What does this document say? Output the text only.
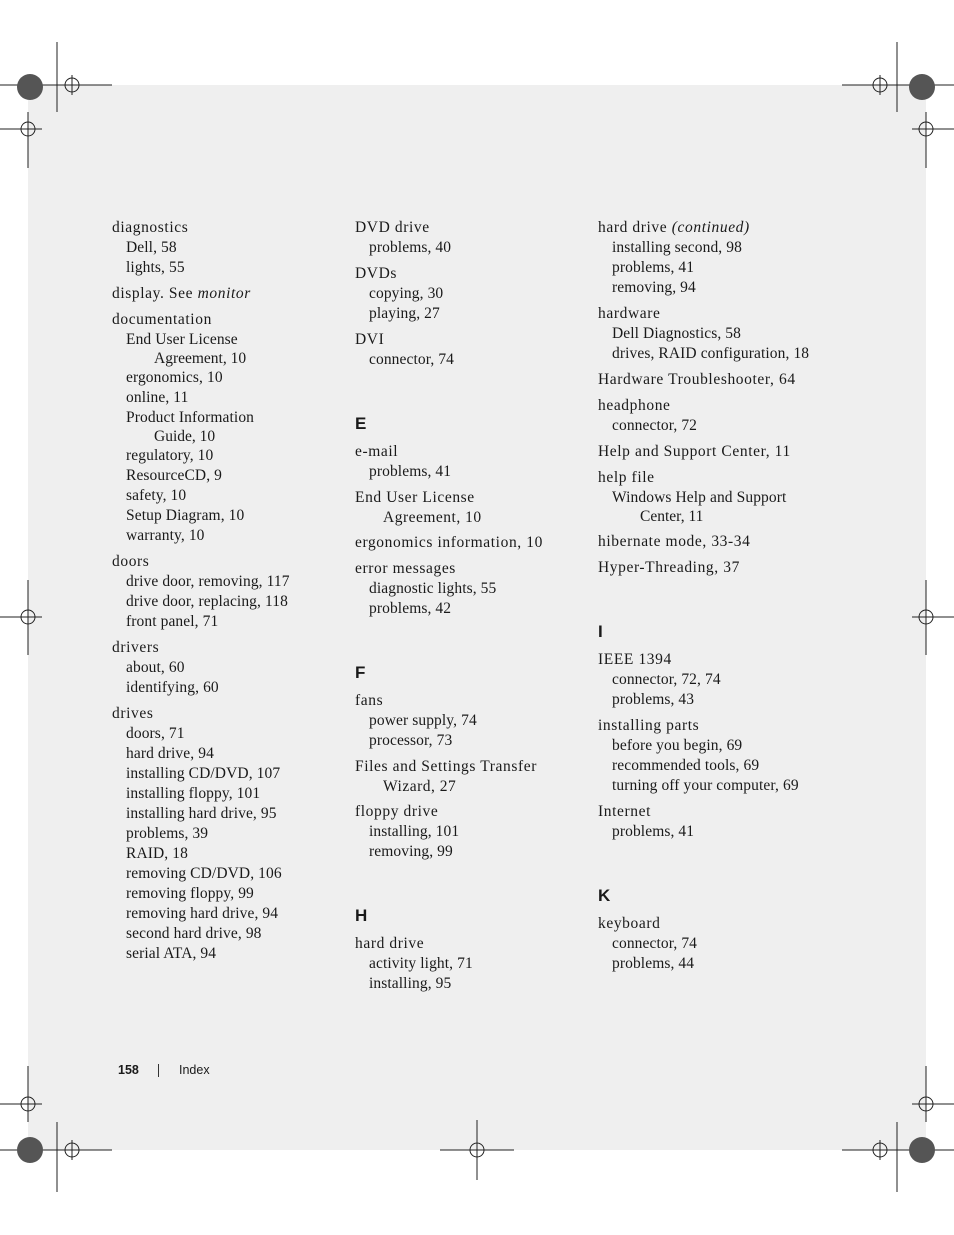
diagnostics
Dell, 58
lights, 55
display. See monitor
documentation
End User License
Agreement, 10
ergonomics, 10
online, 11
Product Information
Guide, 10
regulatory, 10
ResourceCD, 9
safety, 10
Setup Diagram, 10
warranty, 10
doors
drive door, removing, 117
drive door, replacing, 118
front panel, 71
drivers
about, 60
identifying, 60
drives
doors, 71
hard drive, 94
installing CD/DVD, 107
installing floppy, 101
installing hard drive, 95
problems, 39
RAID, 18
removing CD/DVD, 106
removing floppy, 99
removing hard drive, 94
second hard drive, 98
serial ATA, 94
DVD drive
problems, 40
DVDs
copying, 30
playing, 27
DVI
connector, 74
E
e-mail
problems, 41
End User License
Agreement, 10
ergonomics information, 10
error messages
diagnostic lights, 55
problems, 42
F
fans
power supply, 74
processor, 73
Files and Settings Transfer
Wizard, 27
floppy drive
installing, 101
removing, 99
H
hard drive
activity light, 71
installing, 95
hard drive (continued)
installing second, 98
problems, 41
removing, 94
hardware
Dell Diagnostics, 58
drives, RAID configuration, 18
Hardware Troubleshooter, 64
headphone
connector, 72
Help and Support Center, 11
help file
Windows Help and Support
Center, 11
hibernate mode, 33-34
Hyper-Threading, 37
I
IEEE 1394
connector, 72, 74
problems, 43
installing parts
before you begin, 69
recommended tools, 69
turning off your computer, 69
Internet
problems, 41
K
keyboard
connector, 74
problems, 44
158	Index
